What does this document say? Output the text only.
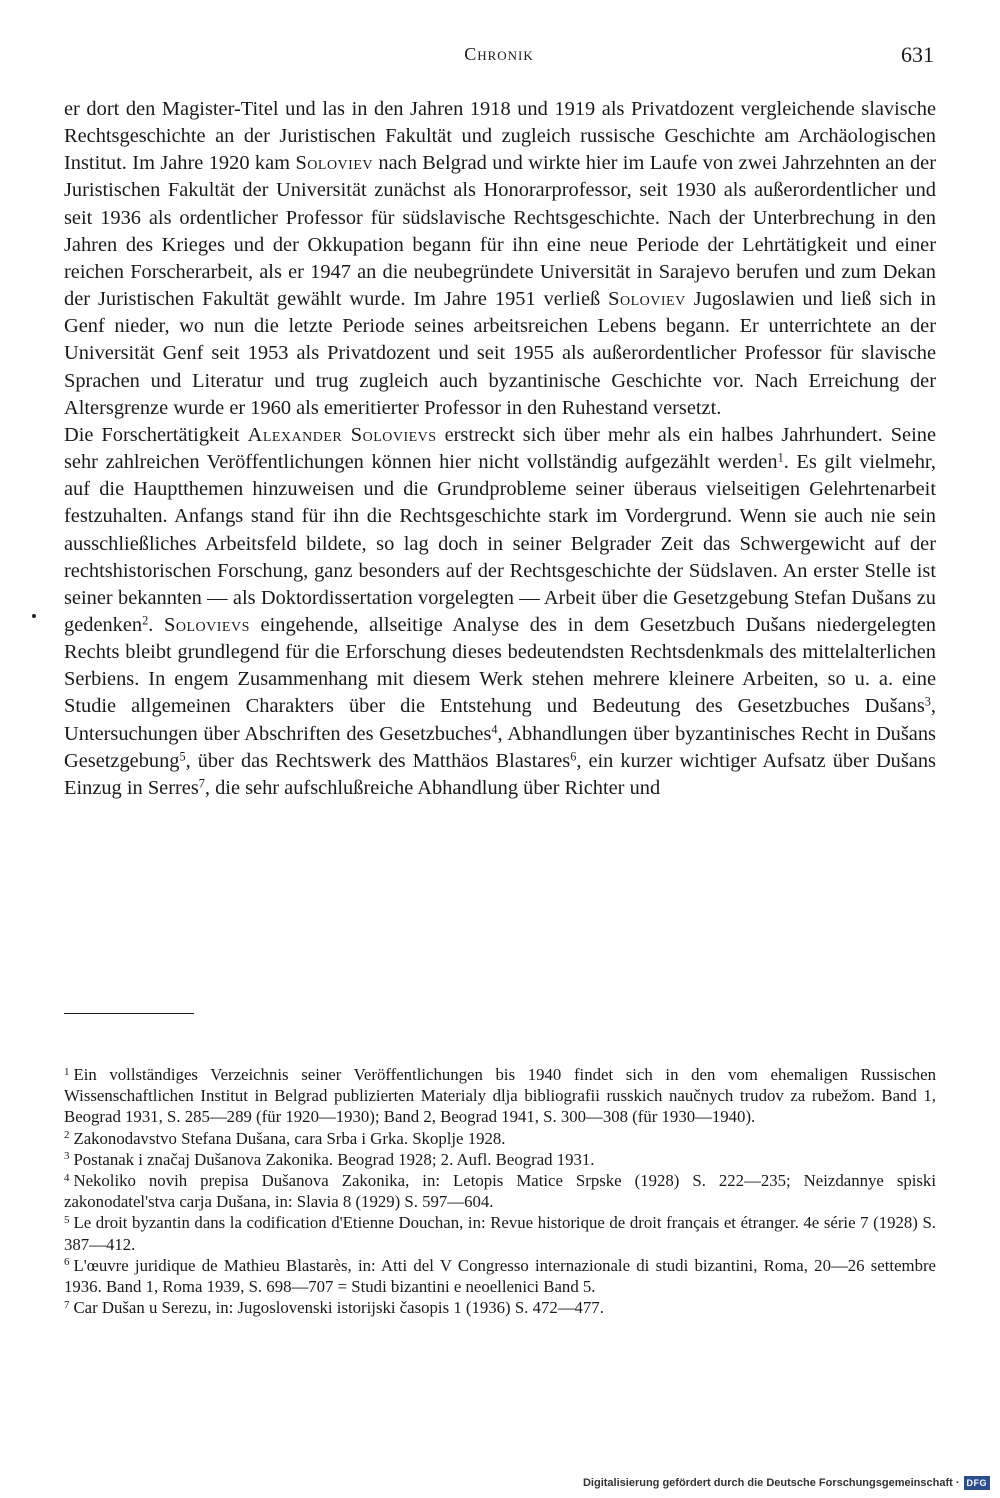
Chronik	631

er dort den Magister-Titel und las in den Jahren 1918 und 1919 als Privatdozent vergleichende slavische Rechtsgeschichte an der Juristischen Fakultät und zugleich russische Geschichte am Archäologischen Institut. Im Jahre 1920 kam Soloviev nach Belgrad und wirkte hier im Laufe von zwei Jahrzehnten an der Juristischen Fakultät der Universität zunächst als Honorarprofessor, seit 1930 als außerordentlicher und seit 1936 als ordentlicher Professor für südslavische Rechtsgeschichte. Nach der Unterbrechung in den Jahren des Krieges und der Okkupation begann für ihn eine neue Periode der Lehrtätigkeit und einer reichen Forscherarbeit, als er 1947 an die neubegründete Universität in Sarajevo berufen und zum Dekan der Juristischen Fakultät gewählt wurde. Im Jahre 1951 verließ Soloviev Jugoslawien und ließ sich in Genf nieder, wo nun die letzte Periode seines arbeitsreichen Lebens begann. Er unterrichtete an der Universität Genf seit 1953 als Privatdozent und seit 1955 als außerordentlicher Professor für slavische Sprachen und Literatur und trug zugleich auch byzantinische Geschichte vor. Nach Erreichung der Altersgrenze wurde er 1960 als emeritierter Professor in den Ruhestand versetzt.

Die Forschertätigkeit Alexander Solovievs erstreckt sich über mehr als ein halbes Jahrhundert. Seine sehr zahlreichen Veröffentlichungen können hier nicht vollständig aufgezählt werden$^1$. Es gilt vielmehr, auf die Hauptthemen hinzuweisen und die Grundprobleme seiner überaus vielseitigen Gelehrtenarbeit festzuhalten. Anfangs stand für ihn die Rechtsgeschichte stark im Vordergrund. Wenn sie auch nie sein ausschließliches Arbeitsfeld bildete, so lag doch in seiner Belgrader Zeit das Schwergewicht auf der rechtshistorischen Forschung, ganz besonders auf der Rechtsgeschichte der Südslaven. An erster Stelle ist seiner bekannten — als Doktordissertation vorgelegten — Arbeit über die Gesetzgebung Stefan Dušans zu gedenken$^2$. Solovievs eingehende, allseitige Analyse des in dem Gesetzbuch Dušans niedergelegten Rechts bleibt grundlegend für die Erforschung dieses bedeutendsten Rechtsdenkmals des mittelalterlichen Serbiens. In engem Zusammenhang mit diesem Werk stehen mehrere kleinere Arbeiten, so u. a. eine Studie allgemeinen Charakters über die Entstehung und Bedeutung des Gesetzbuches Dušans$^3$, Untersuchungen über Abschriften des Gesetzbuches$^4$, Abhandlungen über byzantinisches Recht in Dušans Gesetzgebung$^5$, über das Rechtswerk des Matthäos Blastares$^6$, ein kurzer wichtiger Aufsatz über Dušans Einzug in Serres$^7$, die sehr aufschlußreiche Abhandlung über Richter und

$^1$ Ein vollständiges Verzeichnis seiner Veröffentlichungen bis 1940 findet sich in den vom ehemaligen Russischen Wissenschaftlichen Institut in Belgrad publizierten Materialy dlja bibliografii russkich naučnych trudov za rubežom. Band 1, Beograd 1931, S. 285—289 (für 1920—1930); Band 2, Beograd 1941, S. 300—308 (für 1930—1940).

$^2$ Zakonodavstvo Stefana Dušana, cara Srba i Grka. Skoplje 1928.

$^3$ Postanak i značaj Dušanova Zakonika. Beograd 1928; 2. Aufl. Beograd 1931.

$^4$ Nekoliko novih prepisa Dušanova Zakonika, in: Letopis Matice Srpske (1928) S. 222—235; Neizdannye spiski zakonodatel'stva carja Dušana, in: Slavia 8 (1929) S. 597—604.

$^5$ Le droit byzantin dans la codification d'Etienne Douchan, in: Revue historique de droit français et étranger. 4e série 7 (1928) S. 387—412.

$^6$ L'œuvre juridique de Mathieu Blastarès, in: Atti del V Congresso internazionale di studi bizantini, Roma, 20—26 settembre 1936. Band 1, Roma 1939, S. 698—707 = Studi bizantini e neoellenici Band 5.

$^7$ Car Dušan u Serezu, in: Jugoslovenski istorijski časopis 1 (1936) S. 472—477.

Digitalisierung gefördert durch die Deutsche Forschungsgemeinschaft · DFG
